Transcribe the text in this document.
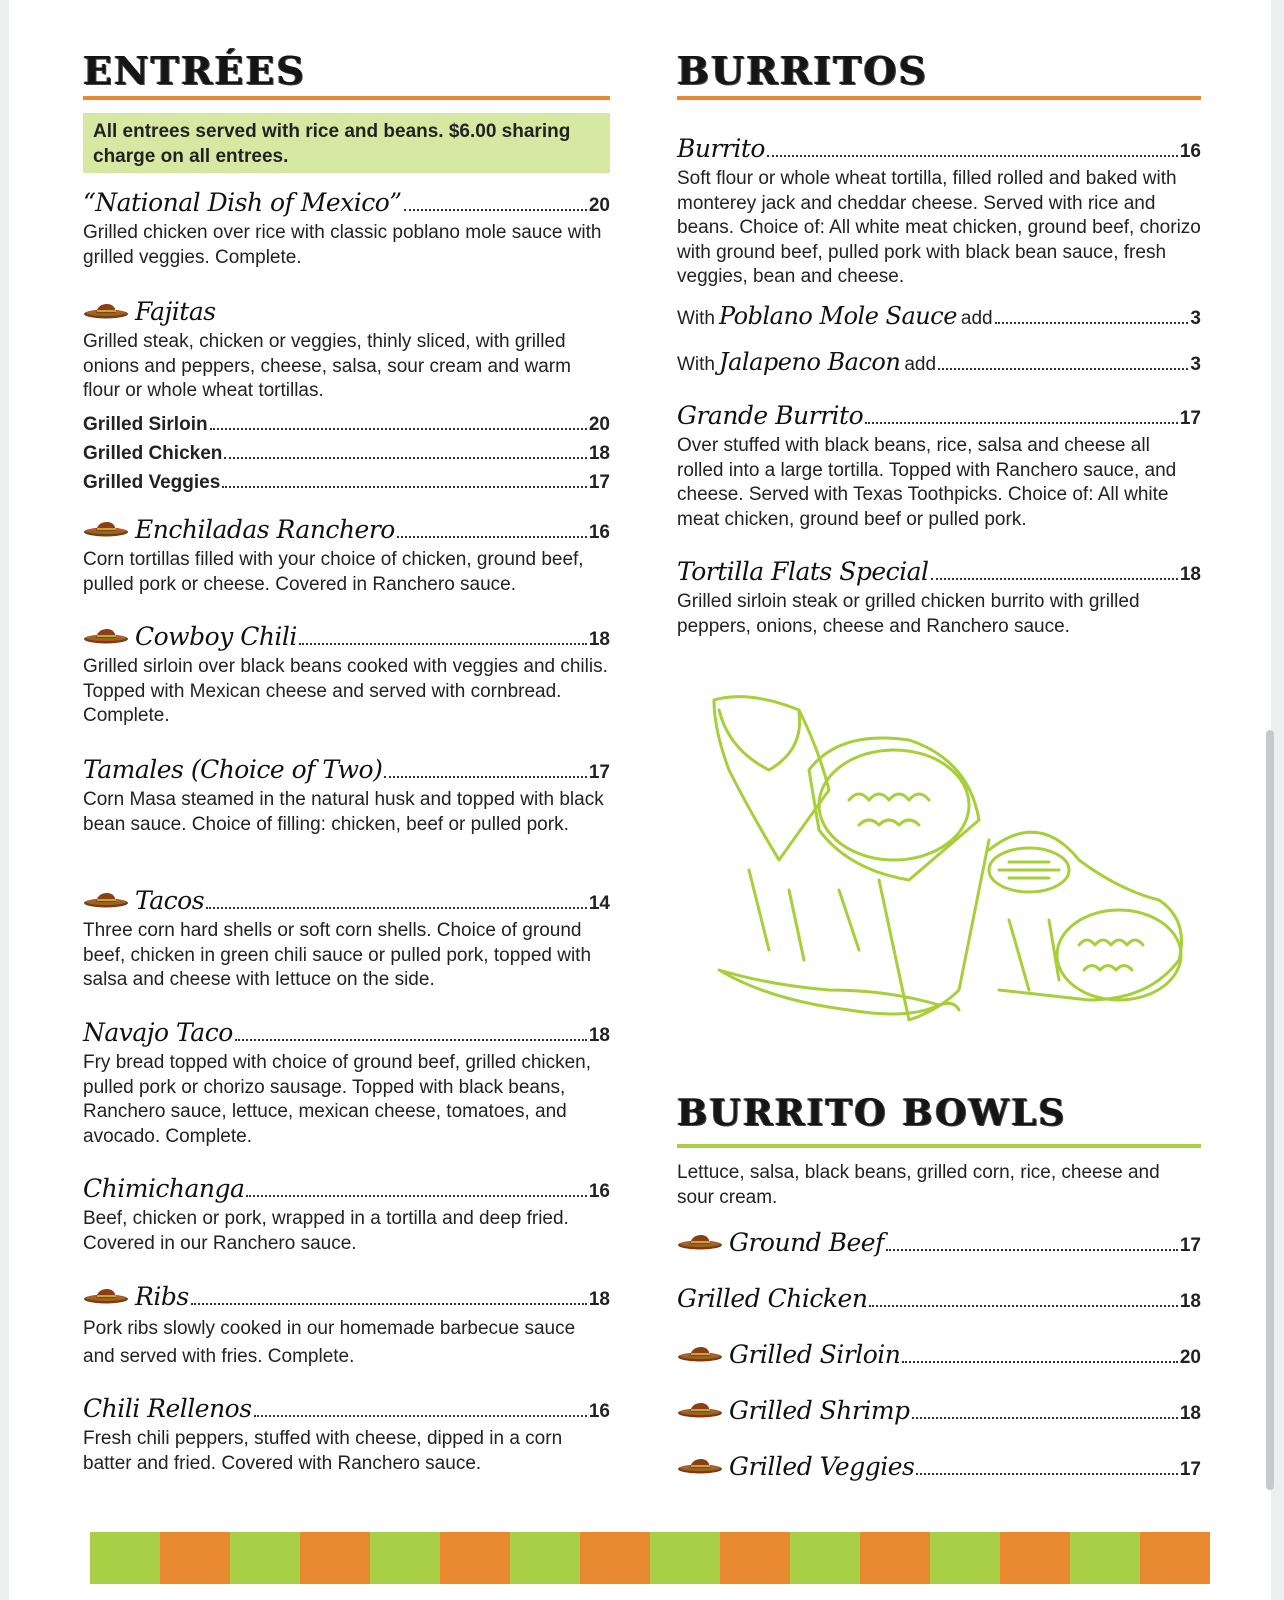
ENTRÉES
All entrees served with rice and beans. $6.00 sharing charge on all entrees.
“National Dish of Mexico”	20
Grilled chicken over rice with classic poblano mole sauce with grilled veggies. Complete.
Fajitas
Grilled steak, chicken or veggies, thinly sliced, with grilled onions and peppers, cheese, salsa, sour cream and warm flour or whole wheat tortillas.
Grilled Sirloin	20
Grilled Chicken	18
Grilled Veggies	17
Enchiladas Ranchero	16
Corn tortillas filled with your choice of chicken, ground beef, pulled pork or cheese. Covered in Ranchero sauce.
Cowboy Chili	18
Grilled sirloin over black beans cooked with veggies and chilis. Topped with Mexican cheese and served with cornbread. Complete.
Tamales (Choice of Two)	17
Corn Masa steamed in the natural husk and topped with black bean sauce. Choice of filling: chicken, beef or pulled pork.
Tacos	14
Three corn hard shells or soft corn shells. Choice of ground beef, chicken in green chili sauce or pulled pork, topped with salsa and cheese with lettuce on the side.
Navajo Taco	18
Fry bread topped with choice of ground beef, grilled chicken, pulled pork or chorizo sausage. Topped with black beans, Ranchero sauce, lettuce, mexican cheese, tomatoes, and avocado. Complete.
Chimichanga	16
Beef, chicken or pork, wrapped in a tortilla and deep fried. Covered in our Ranchero sauce.
Ribs	18
Pork ribs slowly cooked in our homemade barbecue sauce and served with fries. Complete.
Chili Rellenos	16
Fresh chili peppers, stuffed with cheese, dipped in a corn batter and fried. Covered with Ranchero sauce.
BURRITOS
Burrito	16
Soft flour or whole wheat tortilla, filled rolled and baked with monterey jack and cheddar cheese. Served with rice and beans. Choice of: All white meat chicken, ground beef, chorizo with ground beef, pulled pork with black bean sauce, fresh veggies, bean and cheese.
With Poblano Mole Sauce add	3
With Jalapeno Bacon add	3
Grande Burrito	17
Over stuffed with black beans, rice, salsa and cheese all rolled into a large tortilla. Topped with Ranchero sauce, and cheese. Served with Texas Toothpicks. Choice of: All white meat chicken, ground beef or pulled pork.
Tortilla Flats Special	18
Grilled sirloin steak or grilled chicken burrito with grilled peppers, onions, cheese and Ranchero sauce.
BURRITO BOWLS
Lettuce, salsa, black beans, grilled corn, rice, cheese and sour cream.
Ground Beef	17
Grilled Chicken	18
Grilled Sirloin	20
Grilled Shrimp	18
Grilled Veggies	17
